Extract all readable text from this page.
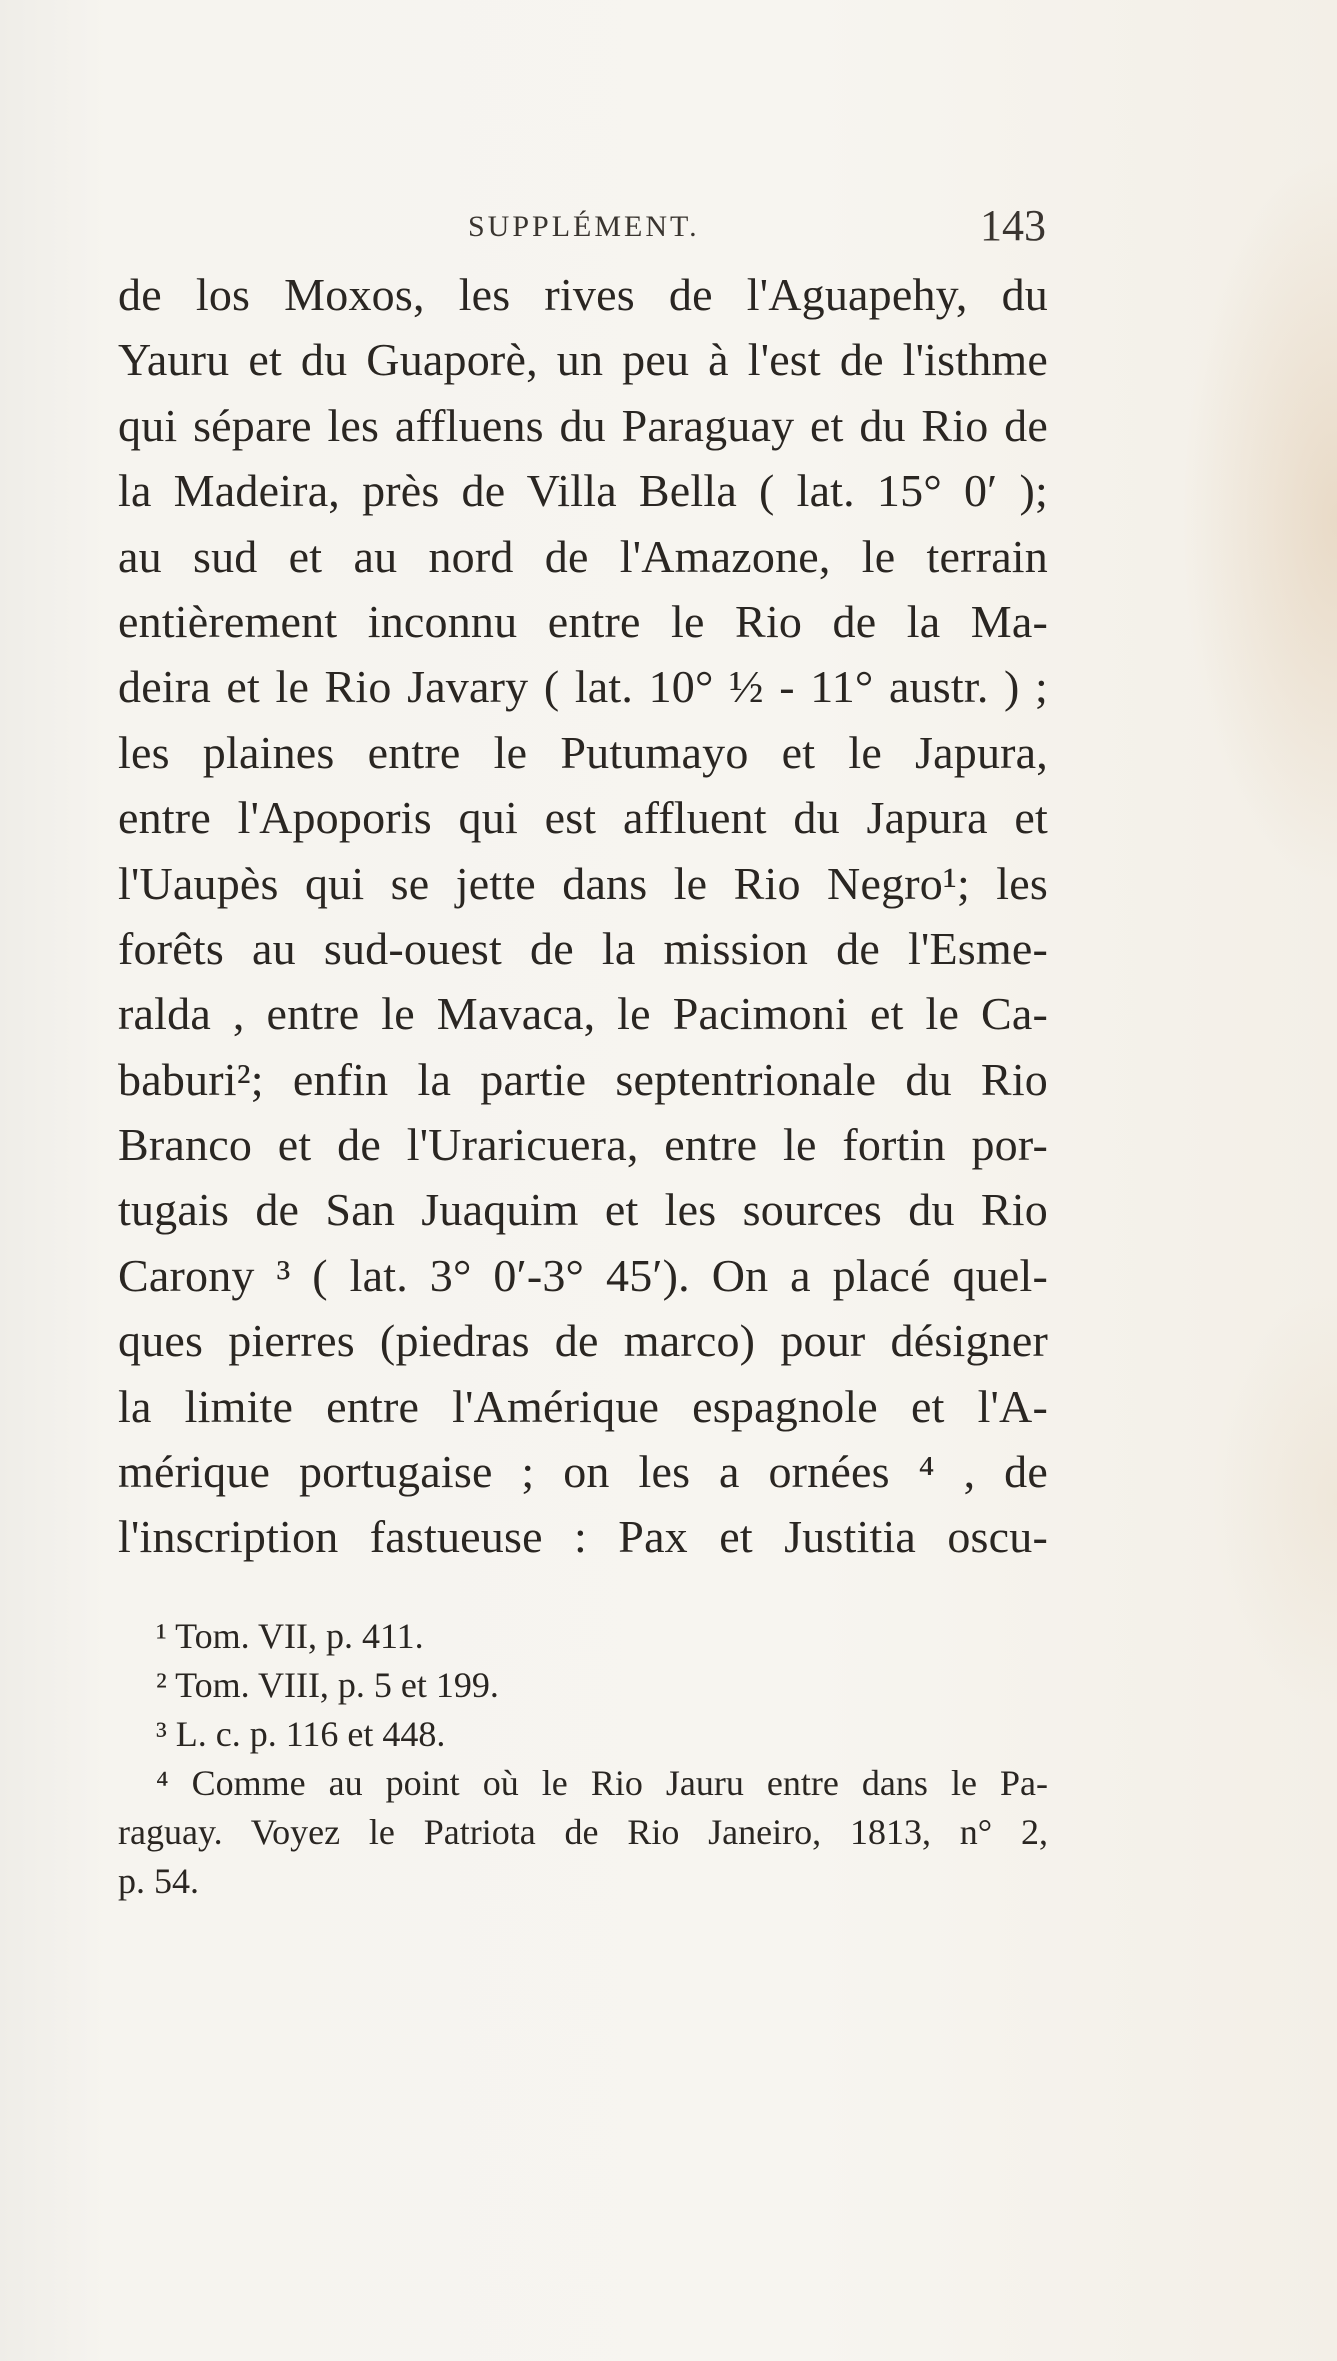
SUPPLÉMENT.	143
de los Moxos, les rives de l'Aguapehy, du
Yauru et du Guaporè, un peu à l'est de l'isthme
qui sépare les affluens du Paraguay et du Rio de
la Madeira, près de Villa Bella ( lat. 15° 0′ );
au sud et au nord de l'Amazone, le terrain
entièrement inconnu entre le Rio de la Ma-
deira et le Rio Javary ( lat. 10° ½ - 11° austr. ) ;
les plaines entre le Putumayo et le Japura,
entre l'Apoporis qui est affluent du Japura et
l'Uaupès qui se jette dans le Rio Negro¹; les
forêts au sud-ouest de la mission de l'Esme-
ralda , entre le Mavaca, le Pacimoni et le Ca-
baburi²; enfin la partie septentrionale du Rio
Branco et de l'Uraricuera, entre le fortin por-
tugais de San Juaquim et les sources du Rio
Carony ³ ( lat. 3° 0′-3° 45′). On a placé quel-
ques pierres (piedras de marco) pour désigner
la limite entre l'Amérique espagnole et l'A-
mérique portugaise ; on les a ornées ⁴ , de
l'inscription fastueuse : Pax et Justitia oscu-
¹ Tom. VII, p. 411.
² Tom. VIII, p. 5 et 199.
³ L. c. p. 116 et 448.
⁴ Comme au point où le Rio Jauru entre dans le Pa-
raguay. Voyez le Patriota de Rio Janeiro, 1813, n° 2,
p. 54.
